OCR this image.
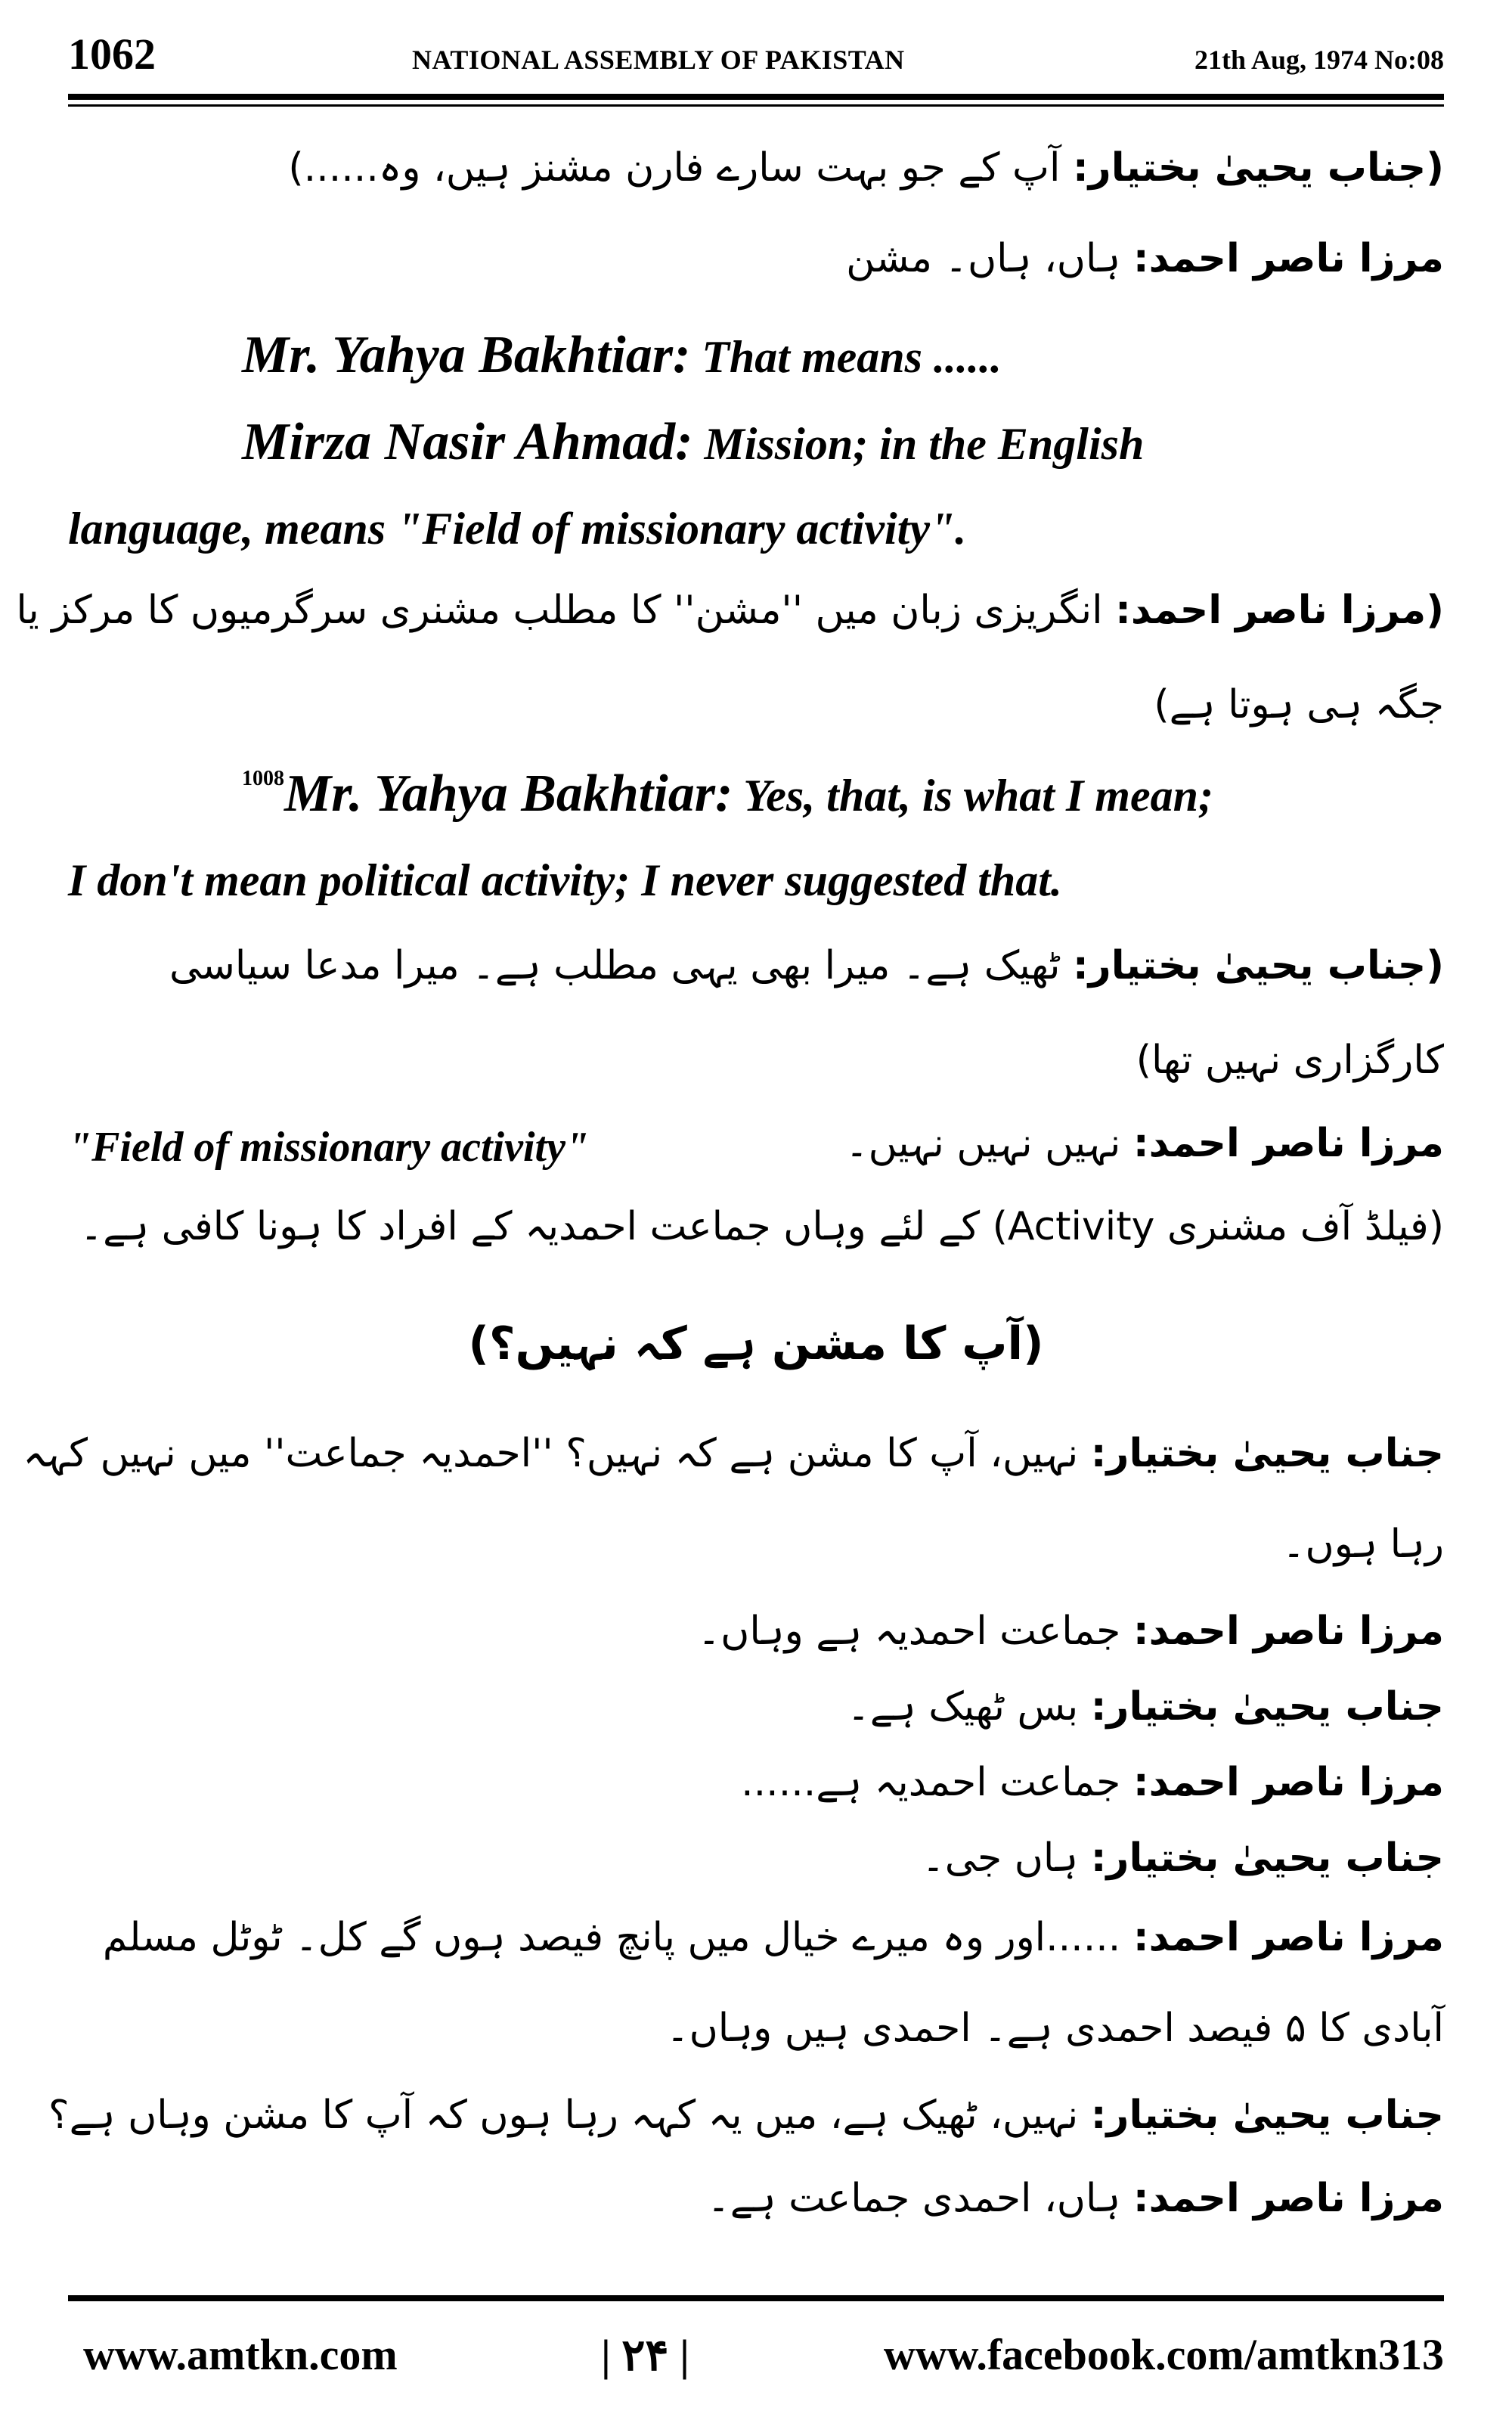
1062	NATIONAL ASSEMBLY OF PAKISTAN	21th Aug, 1974 No:08
(جناب یحییٰ بختیار: آپ کے جو بہت سارے فارن مشنز ہیں، وہ......)
مرزا ناصر احمد: ہاں، ہاں۔ مشن
Mr. Yahya Bakhtiar: That means ......
Mirza Nasir Ahmad: Mission; in the English
language, means "Field of missionary activity".
(مرزا ناصر احمد: انگریزی زبان میں ''مشن'' کا مطلب مشنری سرگرمیوں کا مرکز یا
جگہ ہی ہوتا ہے)
$^{1008}$Mr. Yahya Bakhtiar: Yes, that, is what I mean;
I don't mean political activity; I never suggested that.
(جناب یحییٰ بختیار: ٹھیک ہے۔ میرا بھی یہی مطلب ہے۔ میرا مدعا سیاسی
کارگزاری نہیں تھا)
مرزا ناصر احمد: نہیں نہیں نہیں۔
"Field of missionary activity"
(فیلڈ آف مشنری Activity) کے لئے وہاں جماعت احمدیہ کے افراد کا ہونا کافی ہے۔
(آپ کا مشن ہے کہ نہیں؟)
جناب یحییٰ بختیار: نہیں، آپ کا مشن ہے کہ نہیں؟ ''احمدیہ جماعت'' میں نہیں کہہ
رہا ہوں۔
مرزا ناصر احمد: جماعت احمدیہ ہے وہاں۔
جناب یحییٰ بختیار: بس ٹھیک ہے۔
مرزا ناصر احمد: جماعت احمدیہ ہے......
جناب یحییٰ بختیار: ہاں جی۔
مرزا ناصر احمد: ......اور وہ میرے خیال میں پانچ فیصد ہوں گے کل۔ ٹوٹل مسلم
آبادی کا ۵ فیصد احمدی ہے۔ احمدی ہیں وہاں۔
جناب یحییٰ بختیار: نہیں، ٹھیک ہے، میں یہ کہہ رہا ہوں کہ آپ کا مشن وہاں ہے؟
مرزا ناصر احمد: ہاں، احمدی جماعت ہے۔
www.amtkn.com	| ۲۴ |	www.facebook.com/amtkn313
